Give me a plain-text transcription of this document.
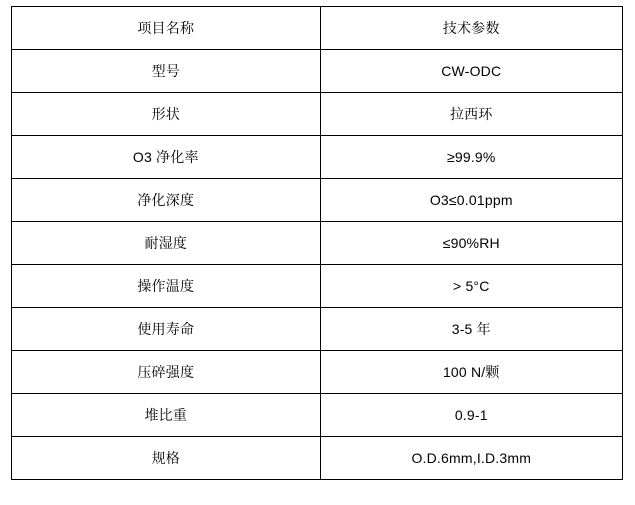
项目名称	技术参数
型号	CW-ODC
形状	拉西环
O3 净化率	≥99.9%
净化深度	O3≤0.01ppm
耐湿度	≤90%RH
操作温度	> 5°C
使用寿命	3-5 年
压碎强度	100 N/颗
堆比重	0.9-1
规格	O.D.6mm,I.D.3mm
